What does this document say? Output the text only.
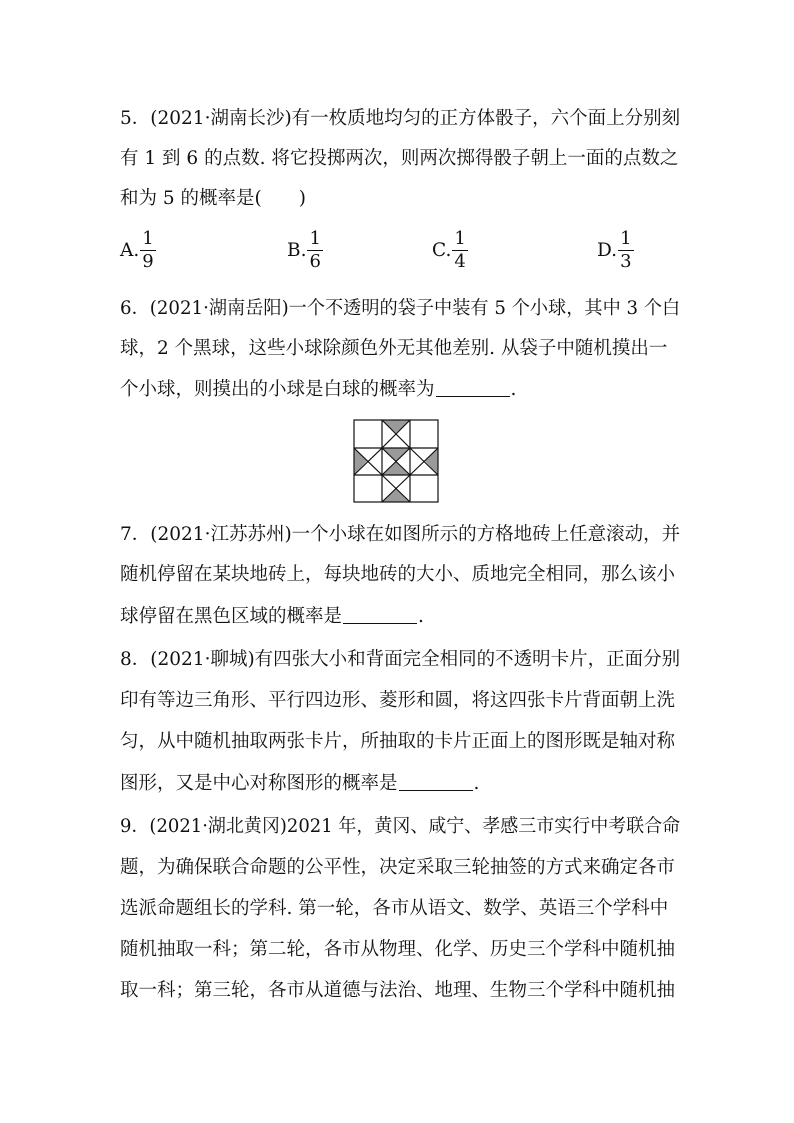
5．(2021·湖南长沙)有一枚质地均匀的正方体骰子，六个面上分别刻
有 1 到 6 的点数. 将它投掷两次，则两次掷得骰子朝上一面的点数之
和为 5 的概率是(　　)
A. $\frac{1}{9}$	B. $\frac{1}{6}$	C. $\frac{1}{4}$	D. $\frac{1}{3}$
6．(2021·湖南岳阳)一个不透明的袋子中装有 5 个小球，其中 3 个白
球，2 个黑球，这些小球除颜色外无其他差别. 从袋子中随机摸出一
个小球，则摸出的小球是白球的概率为	.
7．(2021·江苏苏州)一个小球在如图所示的方格地砖上任意滚动，并
随机停留在某块地砖上，每块地砖的大小、质地完全相同，那么该小
球停留在黑色区域的概率是	.
8．(2021·聊城)有四张大小和背面完全相同的不透明卡片，正面分别
印有等边三角形、平行四边形、菱形和圆，将这四张卡片背面朝上洗
匀，从中随机抽取两张卡片，所抽取的卡片正面上的图形既是轴对称
图形，又是中心对称图形的概率是	.
9．(2021·湖北黄冈)2021 年，黄冈、咸宁、孝感三市实行中考联合命
题，为确保联合命题的公平性，决定采取三轮抽签的方式来确定各市
选派命题组长的学科. 第一轮，各市从语文、数学、英语三个学科中
随机抽取一科；第二轮，各市从物理、化学、历史三个学科中随机抽
取一科；第三轮，各市从道德与法治、地理、生物三个学科中随机抽
